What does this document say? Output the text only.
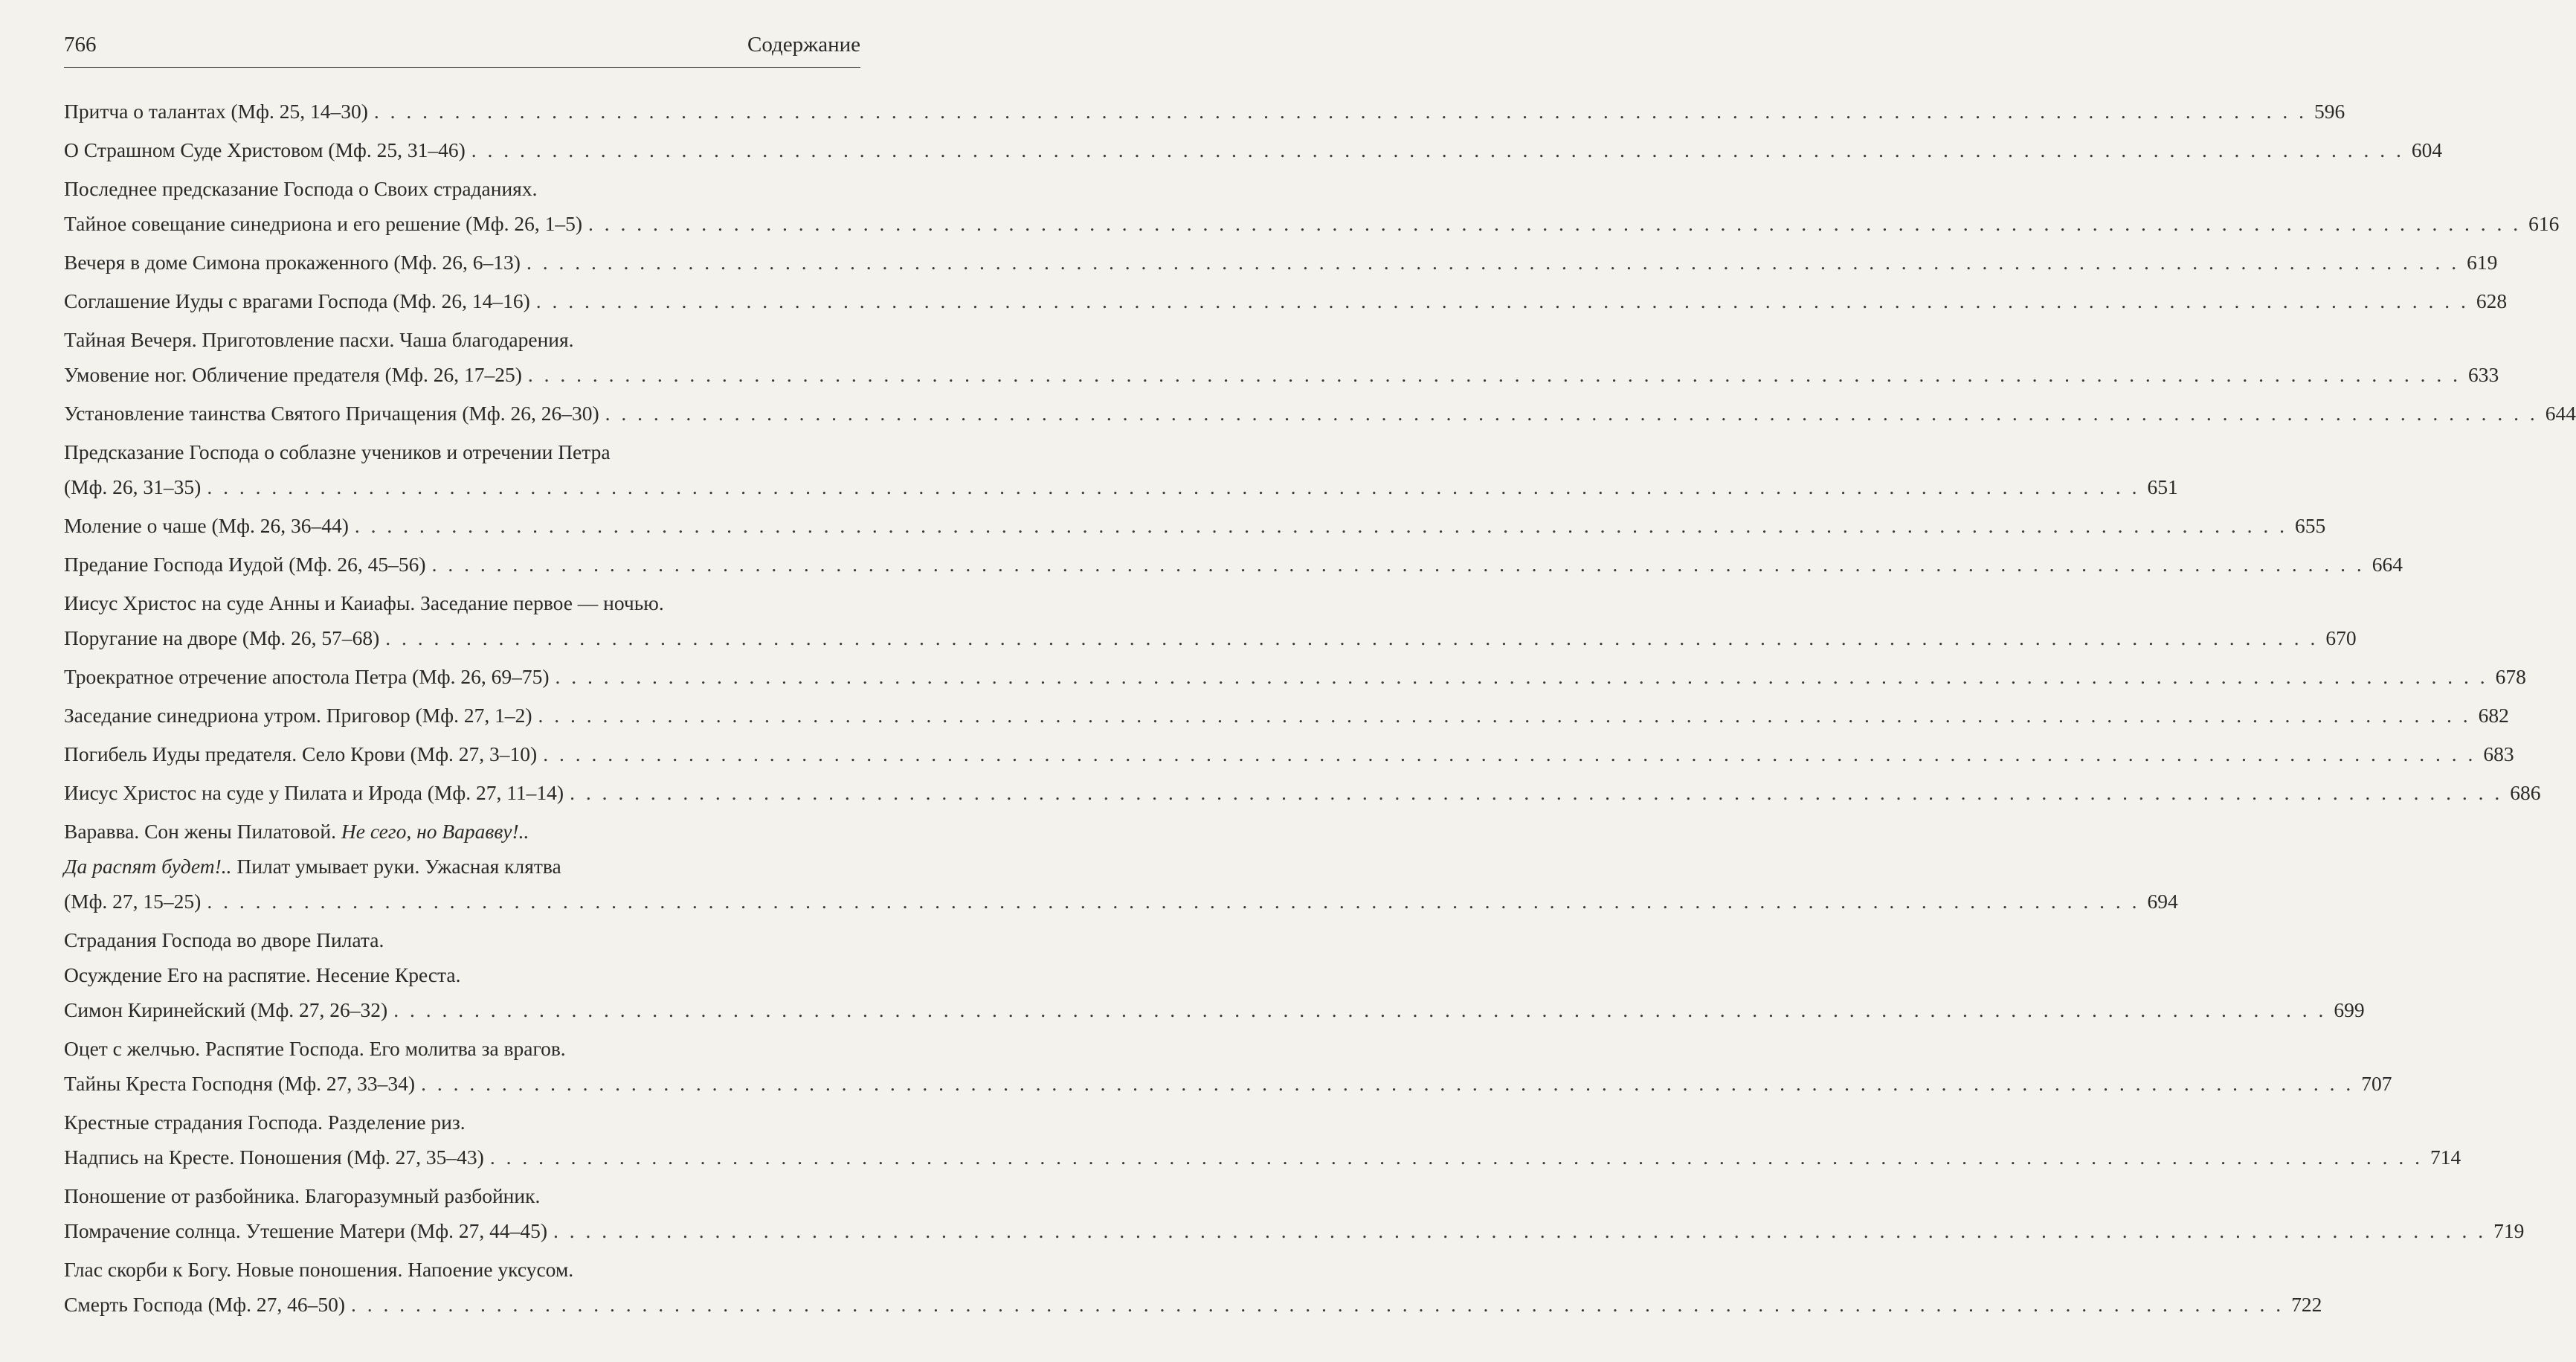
766	Содержание
Притча о талантах (Мф. 25, 14–30) . . . . . . . . . . . . . . . . . . . . . . . . . . . . . . . . . . . . . . . . . . . . . . . . . . . . . . . . . . . . . . . . . . . . . . . . . . . . . . . . . . . . . . . . . . . . . . . . . . . . . . . . . . . . . . . . . . . . . . . . 596
О Страшном Суде Христовом (Мф. 25, 31–46) . . . . . . . . . . . . . . . . . . . . . . . . . . . . . . . . . . . . . . . . . . . . . . . . . . . . . . . . . . . . . . . . . . . . . . . . . . . . . . . . . . . . . . . . . . . . . . . . . . . . . . . . . . . . . . . . . . . . . . . . 604
Последнее предсказание Господа о Своих страданиях.
Тайное совещание синедриона и его решение (Мф. 26, 1–5) . . . . . . . . . . . . . . . . . . . . . . . . . . . . . . . . . . . . . . . . . . . . . . . . . . . . . . . . . . . . . . . . . . . . . . . . . . . . . . . . . . . . . . . . . . . . . . . . . . . . . . . . . . . . . . . . . . . . . . . . 616
Вечеря в доме Симона прокаженного (Мф. 26, 6–13) . . . . . . . . . . . . . . . . . . . . . . . . . . . . . . . . . . . . . . . . . . . . . . . . . . . . . . . . . . . . . . . . . . . . . . . . . . . . . . . . . . . . . . . . . . . . . . . . . . . . . . . . . . . . . . . . . . . . . . . . 619
Соглашение Иуды с врагами Господа (Мф. 26, 14–16) . . . . . . . . . . . . . . . . . . . . . . . . . . . . . . . . . . . . . . . . . . . . . . . . . . . . . . . . . . . . . . . . . . . . . . . . . . . . . . . . . . . . . . . . . . . . . . . . . . . . . . . . . . . . . . . . . . . . . . . . 628
Тайная Вечеря. Приготовление пасхи. Чаша благодарения.
Умовение ног. Обличение предателя (Мф. 26, 17–25) . . . . . . . . . . . . . . . . . . . . . . . . . . . . . . . . . . . . . . . . . . . . . . . . . . . . . . . . . . . . . . . . . . . . . . . . . . . . . . . . . . . . . . . . . . . . . . . . . . . . . . . . . . . . . . . . . . . . . . . . 633
Установление таинства Святого Причащения (Мф. 26, 26–30) . . . . . . . . . . . . . . . . . . . . . . . . . . . . . . . . . . . . . . . . . . . . . . . . . . . . . . . . . . . . . . . . . . . . . . . . . . . . . . . . . . . . . . . . . . . . . . . . . . . . . . . . . . . . . . . . . . . . . . . . 644
Предсказание Господа о соблазне учеников и отречении Петра
(Мф. 26, 31–35) . . . . . . . . . . . . . . . . . . . . . . . . . . . . . . . . . . . . . . . . . . . . . . . . . . . . . . . . . . . . . . . . . . . . . . . . . . . . . . . . . . . . . . . . . . . . . . . . . . . . . . . . . . . . . . . . . . . . . . . . 651
Моление о чаше (Мф. 26, 36–44) . . . . . . . . . . . . . . . . . . . . . . . . . . . . . . . . . . . . . . . . . . . . . . . . . . . . . . . . . . . . . . . . . . . . . . . . . . . . . . . . . . . . . . . . . . . . . . . . . . . . . . . . . . . . . . . . . . . . . . . . 655
Предание Господа Иудой (Мф. 26, 45–56) . . . . . . . . . . . . . . . . . . . . . . . . . . . . . . . . . . . . . . . . . . . . . . . . . . . . . . . . . . . . . . . . . . . . . . . . . . . . . . . . . . . . . . . . . . . . . . . . . . . . . . . . . . . . . . . . . . . . . . . . 664
Иисус Христос на суде Анны и Каиафы. Заседание первое — ночью.
Поругание на дворе (Мф. 26, 57–68) . . . . . . . . . . . . . . . . . . . . . . . . . . . . . . . . . . . . . . . . . . . . . . . . . . . . . . . . . . . . . . . . . . . . . . . . . . . . . . . . . . . . . . . . . . . . . . . . . . . . . . . . . . . . . . . . . . . . . . . . 670
Троекратное отречение апостола Петра (Мф. 26, 69–75) . . . . . . . . . . . . . . . . . . . . . . . . . . . . . . . . . . . . . . . . . . . . . . . . . . . . . . . . . . . . . . . . . . . . . . . . . . . . . . . . . . . . . . . . . . . . . . . . . . . . . . . . . . . . . . . . . . . . . . . . 678
Заседание синедриона утром. Приговор (Мф. 27, 1–2) . . . . . . . . . . . . . . . . . . . . . . . . . . . . . . . . . . . . . . . . . . . . . . . . . . . . . . . . . . . . . . . . . . . . . . . . . . . . . . . . . . . . . . . . . . . . . . . . . . . . . . . . . . . . . . . . . . . . . . . . 682
Погибель Иуды предателя. Село Крови (Мф. 27, 3–10) . . . . . . . . . . . . . . . . . . . . . . . . . . . . . . . . . . . . . . . . . . . . . . . . . . . . . . . . . . . . . . . . . . . . . . . . . . . . . . . . . . . . . . . . . . . . . . . . . . . . . . . . . . . . . . . . . . . . . . . . 683
Иисус Христос на суде у Пилата и Ирода (Мф. 27, 11–14) . . . . . . . . . . . . . . . . . . . . . . . . . . . . . . . . . . . . . . . . . . . . . . . . . . . . . . . . . . . . . . . . . . . . . . . . . . . . . . . . . . . . . . . . . . . . . . . . . . . . . . . . . . . . . . . . . . . . . . . . 686
Варавва. Сон жены Пилатовой. Не сего, но Варавву!..
Да распят будет!.. Пилат умывает руки. Ужасная клятва
(Мф. 27, 15–25) . . . . . . . . . . . . . . . . . . . . . . . . . . . . . . . . . . . . . . . . . . . . . . . . . . . . . . . . . . . . . . . . . . . . . . . . . . . . . . . . . . . . . . . . . . . . . . . . . . . . . . . . . . . . . . . . . . . . . . . . 694
Страдания Господа во дворе Пилата.
Осуждение Его на распятие. Несение Креста.
Симон Киринейский (Мф. 27, 26–32) . . . . . . . . . . . . . . . . . . . . . . . . . . . . . . . . . . . . . . . . . . . . . . . . . . . . . . . . . . . . . . . . . . . . . . . . . . . . . . . . . . . . . . . . . . . . . . . . . . . . . . . . . . . . . . . . . . . . . . . . 699
Оцет с желчью. Распятие Господа. Его молитва за врагов.
Тайны Креста Господня (Мф. 27, 33–34) . . . . . . . . . . . . . . . . . . . . . . . . . . . . . . . . . . . . . . . . . . . . . . . . . . . . . . . . . . . . . . . . . . . . . . . . . . . . . . . . . . . . . . . . . . . . . . . . . . . . . . . . . . . . . . . . . . . . . . . . 707
Крестные страдания Господа. Разделение риз.
Надпись на Кресте. Поношения (Мф. 27, 35–43) . . . . . . . . . . . . . . . . . . . . . . . . . . . . . . . . . . . . . . . . . . . . . . . . . . . . . . . . . . . . . . . . . . . . . . . . . . . . . . . . . . . . . . . . . . . . . . . . . . . . . . . . . . . . . . . . . . . . . . . . 714
Поношение от разбойника. Благоразумный разбойник.
Помрачение солнца. Утешение Матери (Мф. 27, 44–45) . . . . . . . . . . . . . . . . . . . . . . . . . . . . . . . . . . . . . . . . . . . . . . . . . . . . . . . . . . . . . . . . . . . . . . . . . . . . . . . . . . . . . . . . . . . . . . . . . . . . . . . . . . . . . . . . . . . . . . . . 719
Глас скорби к Богу. Новые поношения. Напоение уксусом.
Смерть Господа (Мф. 27, 46–50) . . . . . . . . . . . . . . . . . . . . . . . . . . . . . . . . . . . . . . . . . . . . . . . . . . . . . . . . . . . . . . . . . . . . . . . . . . . . . . . . . . . . . . . . . . . . . . . . . . . . . . . . . . . . . . . . . . . . . . . . 722
